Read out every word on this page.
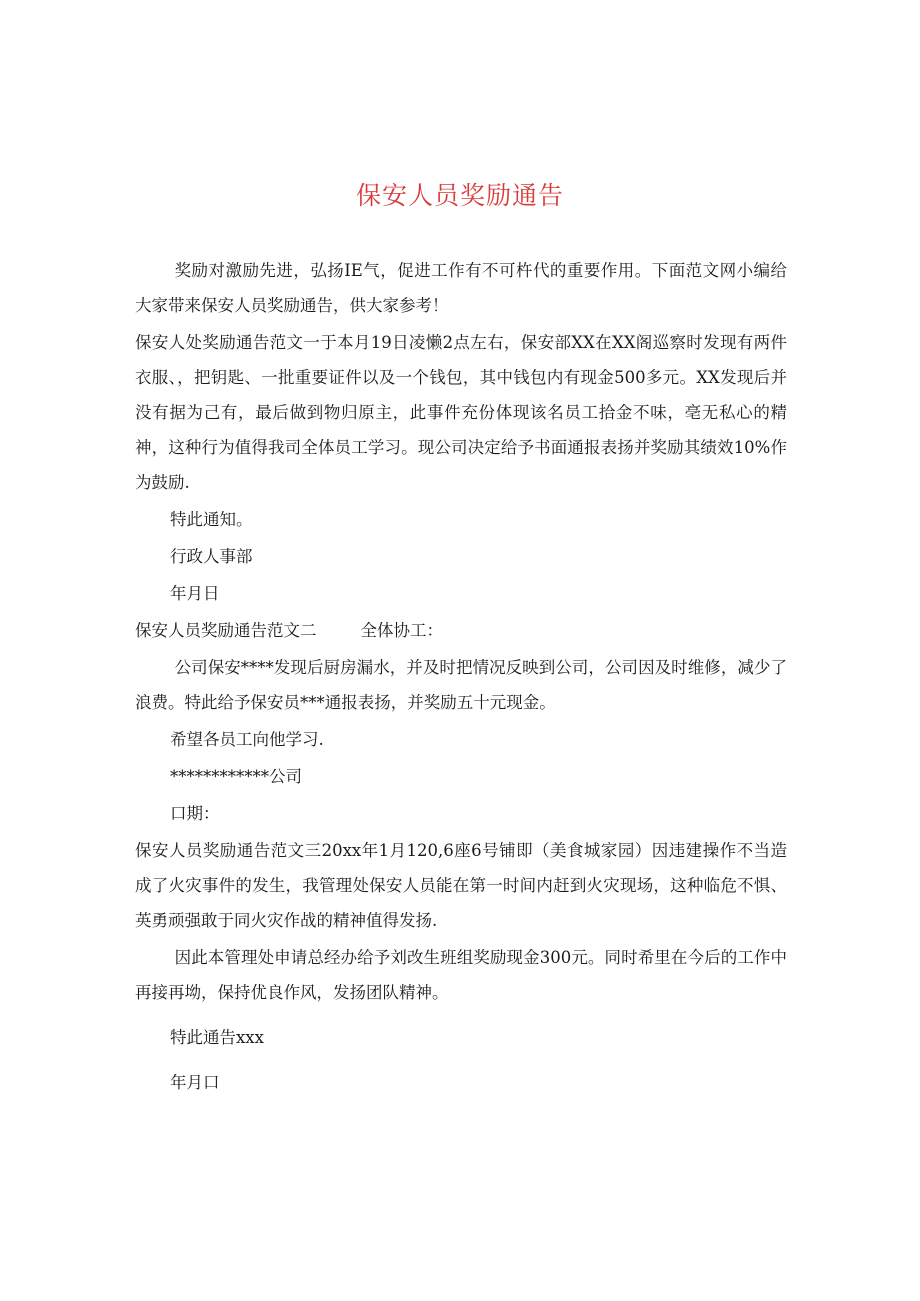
保安人员奖励通告

奖励对激励先进，弘扬IE气，促进工作有不可杵代的重要作用。下面范文网小编给大家带来保安人员奖励通告，供大家参考！

保安人处奖励通告范文一于本月19日凌懒2点左右，保安部XX在XX阁巡察时发现有两件衣服、，把钥匙、一批重要证件以及一个钱包，其中钱包内有现金500多元。XX发现后并没有据为己有，最后做到物归原主，此事件充份体现该名员工拾金不味，亳无私心的精神，这种行为值得我司全体员工学习。现公司决定给予书面通报表扬并奖励其绩效10%作为鼓励.

特此通知。

行政人事部

年月日

保安人员奖励通告范文二	全体协工：

公司保安****发现后厨房漏水，并及时把情况反映到公司，公司因及时维修，减少了浪费。特此给予保安员***通报表扬，并奖励五十元现金。

希望各员工向他学习.

************公司

口期：

保安人员奖励通告范文三20xx年1月120,6座6号铺即（美食城家园）因违建操作不当造成了火灾事件的发生，我管理处保安人员能在第一时间内赶到火灾现场，这种临危不惧、英勇顽强敢于同火灾作战的精神值得发扬.

因此本管理处申请总经办给予刘改生班组奖励现金300元。同时希里在今后的工作中再接再坳，保持优良作风，发扬团队精神。

特此通告xxx

年月口
